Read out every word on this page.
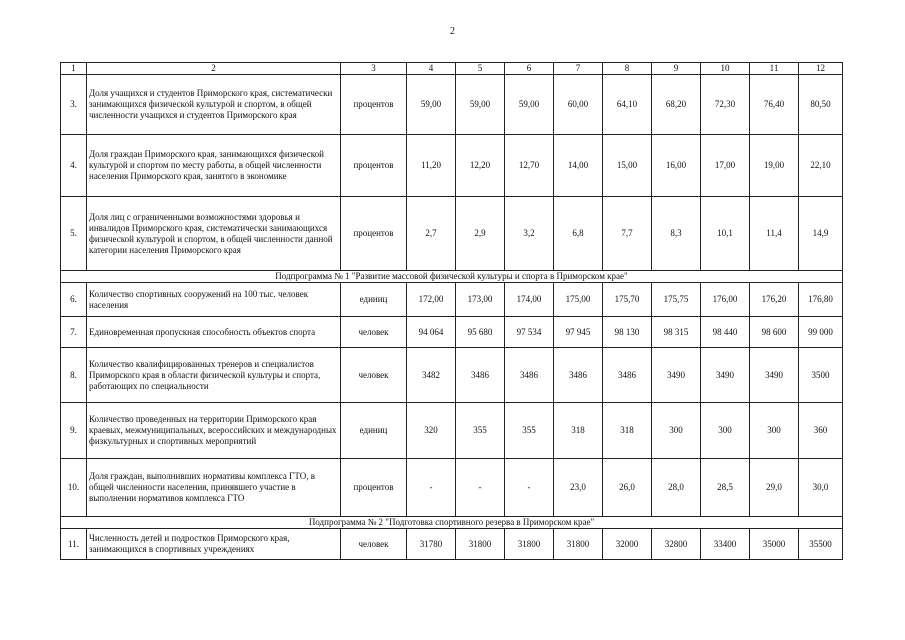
2
1	2	3	4	5	6	7	8	9	10	11	12
3.	Доля учащихся и студентов Приморского края, систематически занимающихся физической культурой и спортом, в общей численности учащихся и студентов Приморского края	процентов	59,00	59,00	59,00	60,00	64,10	68,20	72,30	76,40	80,50
4.	Доля граждан Приморского края, занимающихся физической культурой и спортом по месту работы, в общей численности населения Приморского края, занятого в экономике	процентов	11,20	12,20	12,70	14,00	15,00	16,00	17,00	19,00	22,10
5.	Доля лиц с ограниченными возможностями здоровья и инвалидов Приморского края, систематически занимающихся физической культурой и спортом, в общей численности данной категории населения Приморского края	процентов	2,7	2,9	3,2	6,8	7,7	8,3	10,1	11,4	14,9
Подпрограмма № 1 "Развитие массовой физической культуры и спорта в Приморском крае"											
6.	Количество спортивных сооружений на 100 тыс. человек населения	единиц	172,00	173,00	174,00	175,00	175,70	175,75	176,00	176,20	176,80
7.	Единовременная пропускная способность объектов спорта	человек	94 064	95 680	97 534	97 945	98 130	98 315	98 440	98 600	99 000
8.	Количество квалифицированных тренеров и специалистов Приморского края в области физической культуры и спорта, работающих по специальности	человек	3482	3486	3486	3486	3486	3490	3490	3490	3500
9.	Количество проведенных на территории Приморского края краевых, межмуниципальных, всероссийских и международных физкультурных и спортивных мероприятий	единиц	320	355	355	318	318	300	300	300	360
10.	Доля граждан, выполнивших нормативы комплекса ГТО, в общей численности населения, принявшего участие в выполнении нормативов комплекса ГТО	процентов	-	-	-	23,0	26,0	28,0	28,5	29,0	30,0
Подпрограмма № 2 "Подготовка спортивного резерва в Приморском крае"											
11.	Численность детей и подростков Приморского края, занимающихся в спортивных учреждениях	человек	31780	31800	31800	31800	32000	32800	33400	35000	35500
